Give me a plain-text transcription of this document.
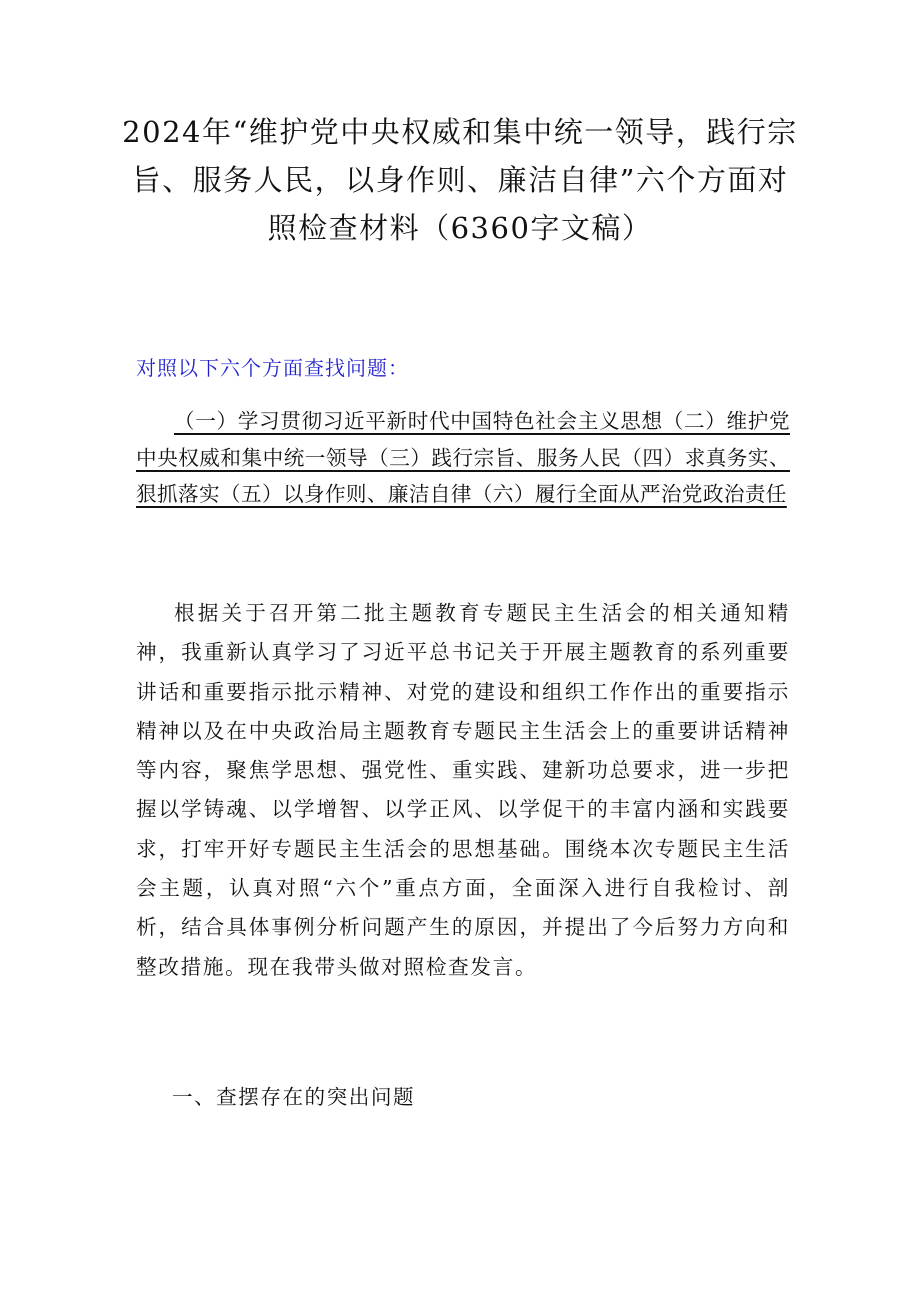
2024年“维护党中央权威和集中统一领导，践行宗旨、服务人民，以身作则、廉洁自律”六个方面对照检查材料（6360字文稿）

对照以下六个方面查找问题：

（一）学习贯彻习近平新时代中国特色社会主义思想（二）维护党中央权威和集中统一领导（三）践行宗旨、服务人民（四）求真务实、狠抓落实（五）以身作则、廉洁自律（六）履行全面从严治党政治责任

根据关于召开第二批主题教育专题民主生活会的相关通知精神，我重新认真学习了习近平总书记关于开展主题教育的系列重要讲话和重要指示批示精神、对党的建设和组织工作作出的重要指示精神以及在中央政治局主题教育专题民主生活会上的重要讲话精神等内容，聚焦学思想、强党性、重实践、建新功总要求，进一步把握以学铸魂、以学增智、以学正风、以学促干的丰富内涵和实践要求，打牢开好专题民主生活会的思想基础。围绕本次专题民主生活会主题，认真对照“六个”重点方面，全面深入进行自我检讨、剖析，结合具体事例分析问题产生的原因，并提出了今后努力方向和整改措施。现在我带头做对照检查发言。

一、查摆存在的突出问题
